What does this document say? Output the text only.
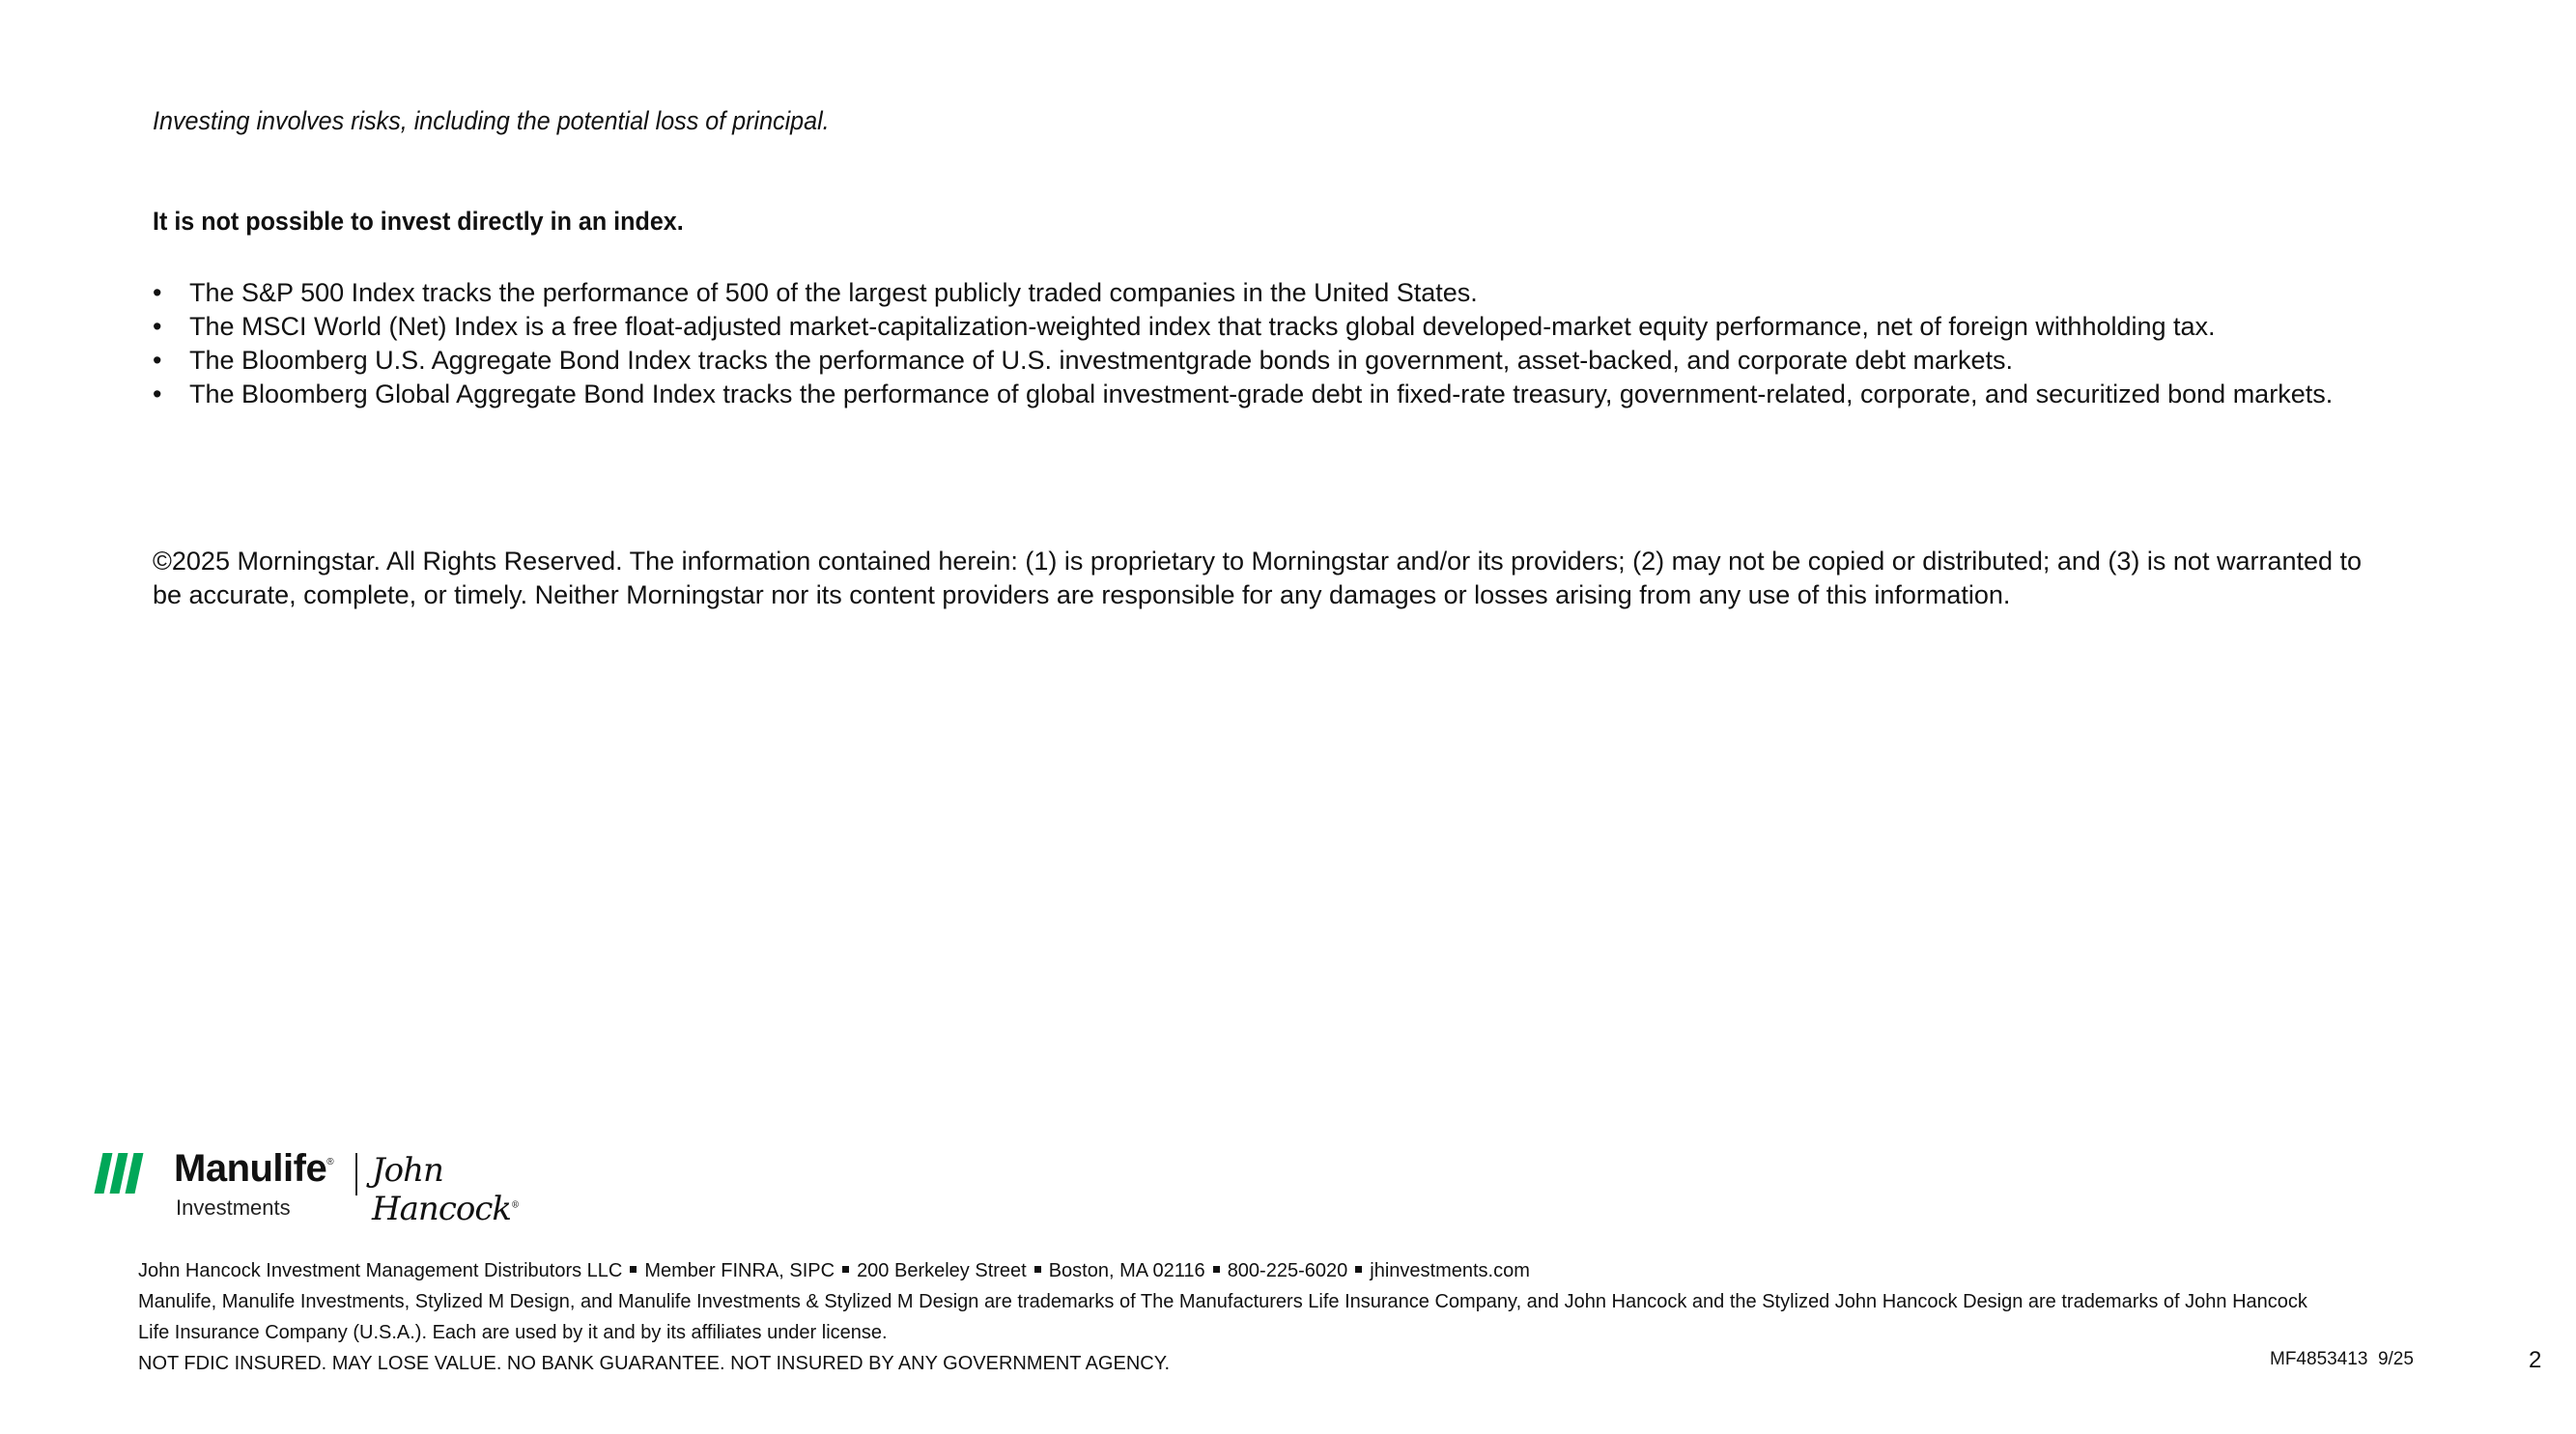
Investing involves risks, including the potential loss of principal.
It is not possible to invest directly in an index.
•	The S&P 500 Index tracks the performance of 500 of the largest publicly traded companies in the United States.
•	The MSCI World (Net) Index is a free float-adjusted market-capitalization-weighted index that tracks global developed-market equity performance, net of foreign withholding tax.
•	The Bloomberg U.S. Aggregate Bond Index tracks the performance of U.S. investmentgrade bonds in government, asset-backed, and corporate debt markets.
•	The Bloomberg Global Aggregate Bond Index tracks the performance of global investment-grade debt in fixed-rate treasury, government-related, corporate, and securitized bond markets.
©2025 Morningstar. All Rights Reserved. The information contained herein: (1) is proprietary to Morningstar and/or its providers; (2) may not be copied or distributed; and (3) is not warranted to be accurate, complete, or timely. Neither Morningstar nor its content providers are responsible for any damages or losses arising from any use of this information.
Manulife®
Investments
John Hancock®
John Hancock Investment Management Distributors LLC Member FINRA, SIPC 200 Berkeley Street Boston, MA 02116 800-225-6020 jhinvestments.com
Manulife, Manulife Investments, Stylized M Design, and Manulife Investments & Stylized M Design are trademarks of The Manufacturers Life Insurance Company, and John Hancock and the Stylized John Hancock Design are trademarks of John Hancock Life Insurance Company (U.S.A.). Each are used by it and by its affiliates under license.
NOT FDIC INSURED. MAY LOSE VALUE. NO BANK GUARANTEE. NOT INSURED BY ANY GOVERNMENT AGENCY.	MF4853413  9/25	2
